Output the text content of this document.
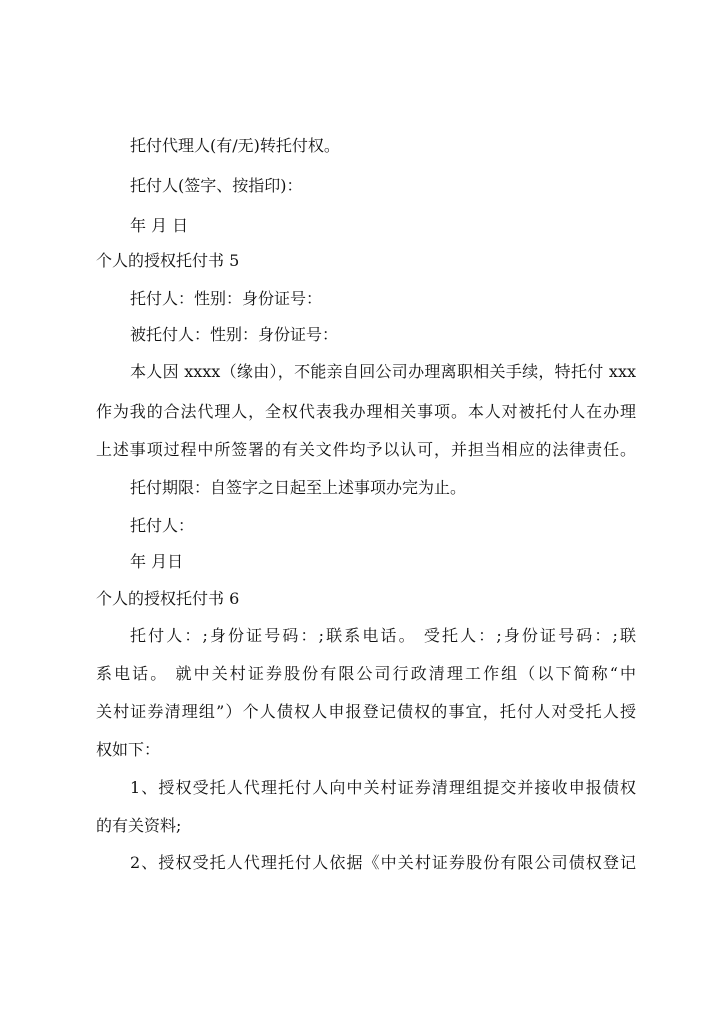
托付代理人(有/无)转托付权。
托付人(签字、按指印)：
年 月 日
个人的授权托付书 5
托付人：性别：身份证号：
被托付人：性别：身份证号：
本人因 xxxx（缘由），不能亲自回公司办理离职相关手续，特托付 xxx
作为我的合法代理人，全权代表我办理相关事项。本人对被托付人在办理
上述事项过程中所签署的有关文件均予以认可，并担当相应的法律责任。
托付期限：自签字之日起至上述事项办完为止。
托付人：
年 月日
个人的授权托付书 6
托付人：;身份证号码：;联系电话。 受托人：;身份证号码：;联
系电话。 就中关村证券股份有限公司行政清理工作组（以下简称“中
关村证券清理组”）个人债权人申报登记债权的事宜，托付人对受托人授
权如下：
1、授权受托人代理托付人向中关村证券清理组提交并接收申报债权
的有关资料;
2、授权受托人代理托付人依据《中关村证券股份有限公司债权登记
